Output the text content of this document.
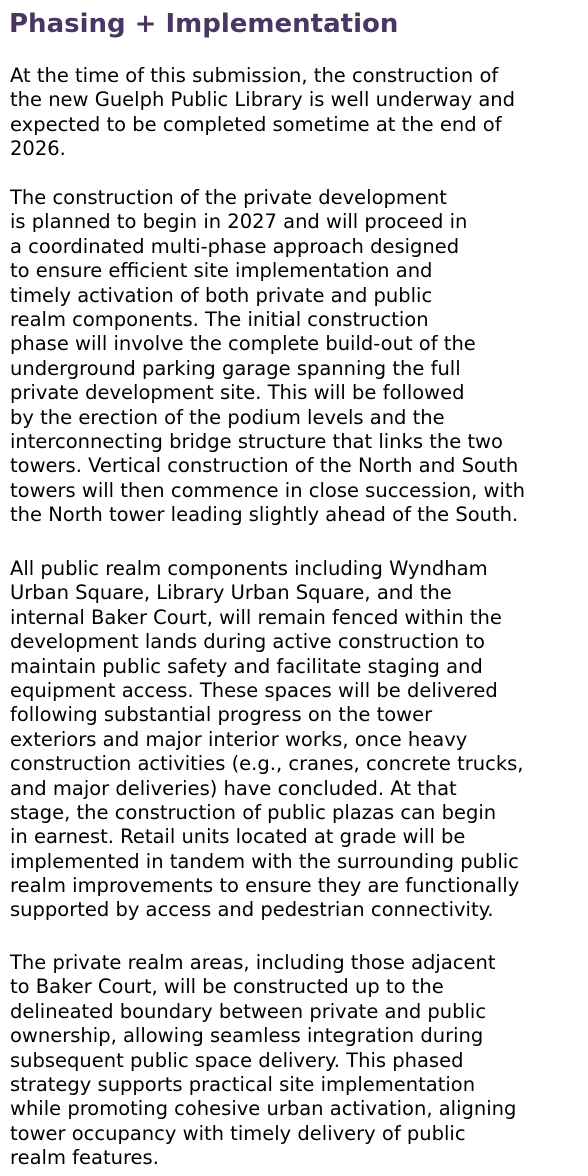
Phasing + Implementation

At the time of this submission, the construction of
the new Guelph Public Library is well underway and
expected to be completed sometime at the end of
2026.

The construction of the private development
is planned to begin in 2027 and will proceed in
a coordinated multi-phase approach designed
to ensure efficient site implementation and
timely activation of both private and public
realm components. The initial construction
phase will involve the complete build-out of the
underground parking garage spanning the full
private development site. This will be followed
by the erection of the podium levels and the
interconnecting bridge structure that links the two
towers. Vertical construction of the North and South
towers will then commence in close succession, with
the North tower leading slightly ahead of the South.

All public realm components including Wyndham
Urban Square, Library Urban Square, and the
internal Baker Court, will remain fenced within the
development lands during active construction to
maintain public safety and facilitate staging and
equipment access. These spaces will be delivered
following substantial progress on the tower
exteriors and major interior works, once heavy
construction activities (e.g., cranes, concrete trucks,
and major deliveries) have concluded. At that
stage, the construction of public plazas can begin
in earnest. Retail units located at grade will be
implemented in tandem with the surrounding public
realm improvements to ensure they are functionally
supported by access and pedestrian connectivity.

The private realm areas, including those adjacent
to Baker Court, will be constructed up to the
delineated boundary between private and public
ownership, allowing seamless integration during
subsequent public space delivery. This phased
strategy supports practical site implementation
while promoting cohesive urban activation, aligning
tower occupancy with timely delivery of public
realm features.
